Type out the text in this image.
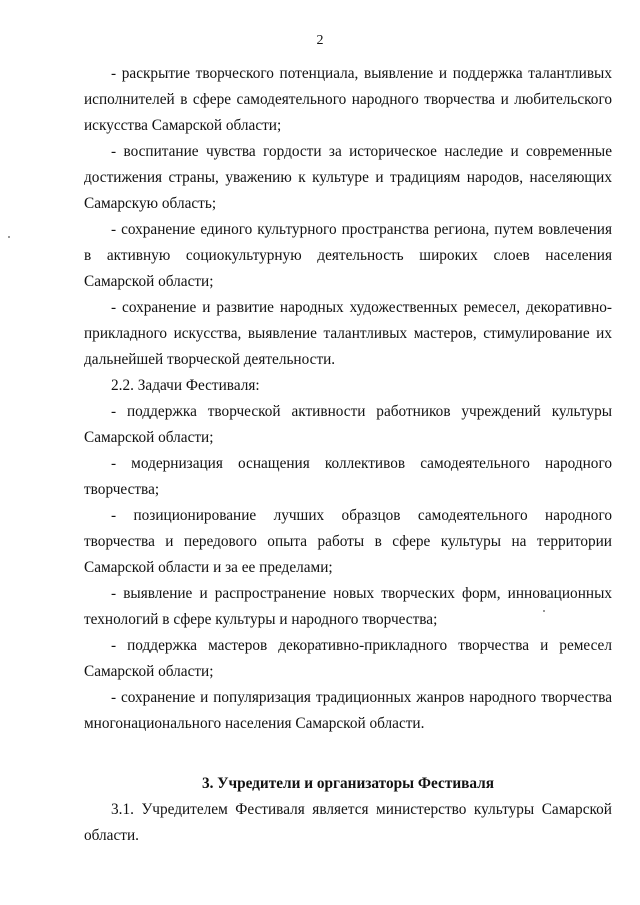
2

- раскрытие творческого потенциала, выявление и поддержка талантливых исполнителей в сфере самодеятельного народного творчества и любительского искусства Самарской области;

- воспитание чувства гордости за историческое наследие и современные достижения страны, уважению к культуре и традициям народов, населяющих Самарскую область;

- сохранение единого культурного пространства региона, путем вовлечения в активную социокультурную деятельность широких слоев населения Самарской области;

- сохранение и развитие народных художественных ремесел, декоративно-прикладного искусства, выявление талантливых мастеров, стимулирование их дальнейшей творческой деятельности.

2.2. Задачи Фестиваля:

- поддержка творческой активности работников учреждений культуры Самарской области;

- модернизация оснащения коллективов самодеятельного народного творчества;

- позиционирование лучших образцов самодеятельного народного творчества и передового опыта работы в сфере культуры на территории Самарской области и за ее пределами;

- выявление и распространение новых творческих форм, инновационных технологий в сфере культуры и народного творчества;

- поддержка мастеров декоративно-прикладного творчества и ремесел Самарской области;

- сохранение и популяризация традиционных жанров народного творчества многонационального населения Самарской области.

3. Учредители и организаторы Фестиваля

3.1. Учредителем Фестиваля является министерство культуры Самарской области.
